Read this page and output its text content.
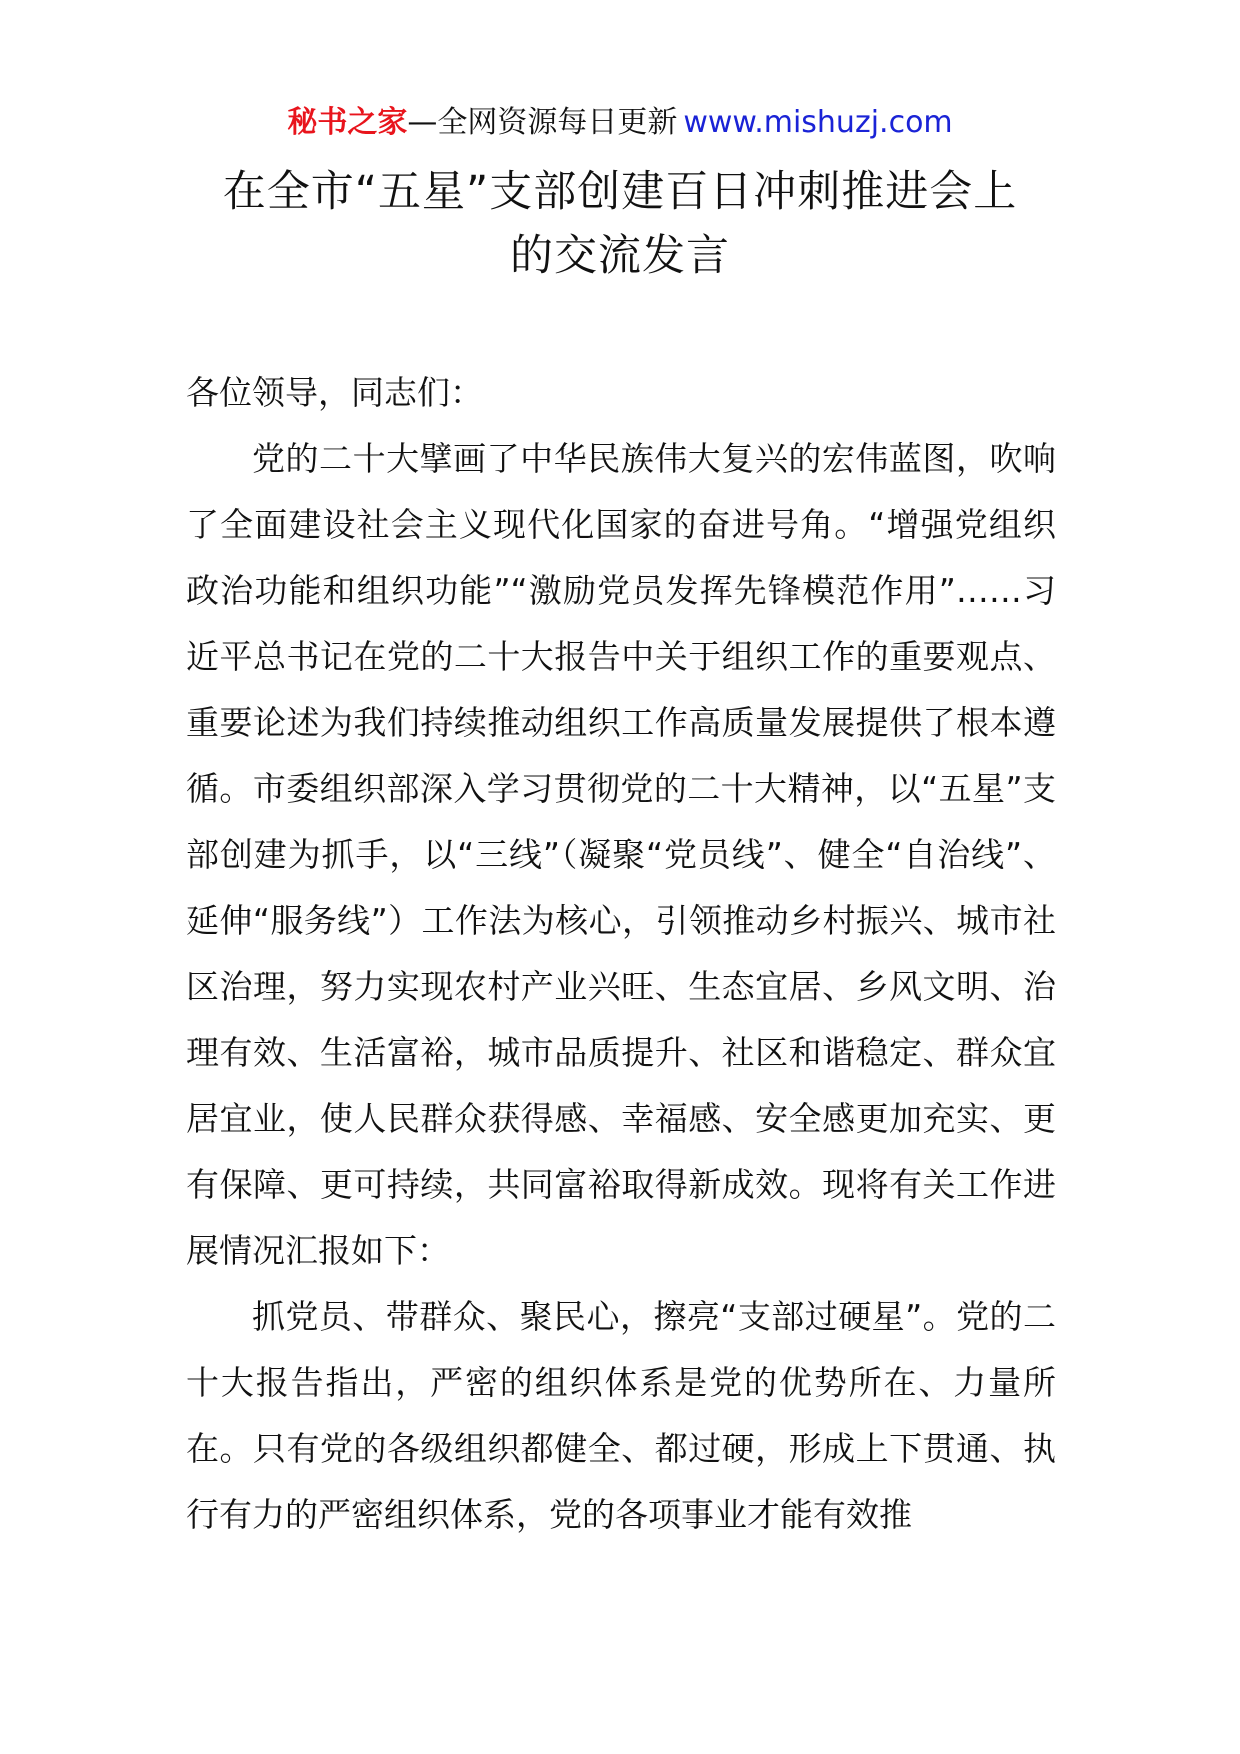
秘书之家—全网资源每日更新 www.mishuzj.com
在全市“五星”支部创建百日冲刺推进会上
的交流发言

各位领导，同志们：

党的二十大擘画了中华民族伟大复兴的宏伟蓝图，吹响了全面建设社会主义现代化国家的奋进号角。“增强党组织政治功能和组织功能”“激励党员发挥先锋模范作用”……习近平总书记在党的二十大报告中关于组织工作的重要观点、重要论述为我们持续推动组织工作高质量发展提供了根本遵循。市委组织部深入学习贯彻党的二十大精神，以“五星”支部创建为抓手，以“三线”（凝聚“党员线”、健全“自治线”、延伸“服务线”）工作法为核心，引领推动乡村振兴、城市社区治理，努力实现农村产业兴旺、生态宜居、乡风文明、治理有效、生活富裕，城市品质提升、社区和谐稳定、群众宜居宜业，使人民群众获得感、幸福感、安全感更加充实、更有保障、更可持续，共同富裕取得新成效。现将有关工作进展情况汇报如下：

抓党员、带群众、聚民心，擦亮“支部过硬星”。党的二十大报告指出，严密的组织体系是党的优势所在、力量所在。只有党的各级组织都健全、都过硬，形成上下贯通、执行有力的严密组织体系，党的各项事业才能有效推
